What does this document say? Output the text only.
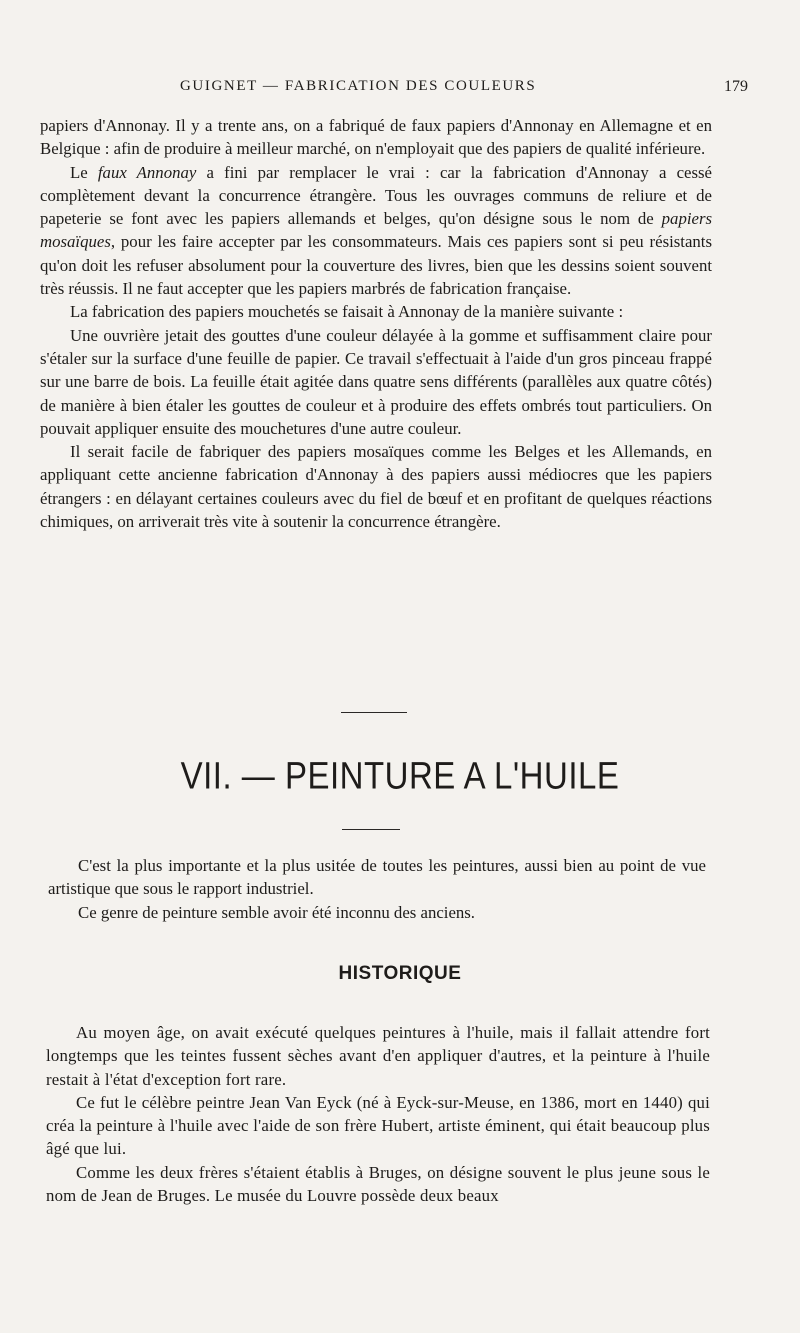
GUIGNET — FABRICATION DES COULEURS	179

papiers d'Annonay. Il y a trente ans, on a fabriqué de faux papiers d'Annonay en Allemagne et en Belgique : afin de produire à meilleur marché, on n'employait que des papiers de qualité inférieure.

Le faux Annonay a fini par remplacer le vrai : car la fabrication d'Annonay a cessé complètement devant la concurrence étrangère. Tous les ouvrages communs de reliure et de papeterie se font avec les papiers allemands et belges, qu'on désigne sous le nom de papiers mosaïques, pour les faire accepter par les consommateurs. Mais ces papiers sont si peu résistants qu'on doit les refuser absolument pour la couverture des livres, bien que les dessins soient souvent très réussis. Il ne faut accepter que les papiers marbrés de fabrication française.

La fabrication des papiers mouchetés se faisait à Annonay de la manière suivante :

Une ouvrière jetait des gouttes d'une couleur délayée à la gomme et suffisamment claire pour s'étaler sur la surface d'une feuille de papier. Ce travail s'effectuait à l'aide d'un gros pinceau frappé sur une barre de bois. La feuille était agitée dans quatre sens différents (parallèles aux quatre côtés) de manière à bien étaler les gouttes de couleur et à produire des effets ombrés tout particuliers. On pouvait appliquer ensuite des mouchetures d'une autre couleur.

Il serait facile de fabriquer des papiers mosaïques comme les Belges et les Allemands, en appliquant cette ancienne fabrication d'Annonay à des papiers aussi médiocres que les papiers étrangers : en délayant certaines couleurs avec du fiel de bœuf et en profitant de quelques réactions chimiques, on arriverait très vite à soutenir la concurrence étrangère.

VII. — PEINTURE A L'HUILE

C'est la plus importante et la plus usitée de toutes les peintures, aussi bien au point de vue artistique que sous le rapport industriel.

Ce genre de peinture semble avoir été inconnu des anciens.

HISTORIQUE

Au moyen âge, on avait exécuté quelques peintures à l'huile, mais il fallait attendre fort longtemps que les teintes fussent sèches avant d'en appliquer d'autres, et la peinture à l'huile restait à l'état d'exception fort rare.

Ce fut le célèbre peintre Jean Van Eyck (né à Eyck-sur-Meuse, en 1386, mort en 1440) qui créa la peinture à l'huile avec l'aide de son frère Hubert, artiste éminent, qui était beaucoup plus âgé que lui.

Comme les deux frères s'étaient établis à Bruges, on désigne souvent le plus jeune sous le nom de Jean de Bruges. Le musée du Louvre possède deux beaux
